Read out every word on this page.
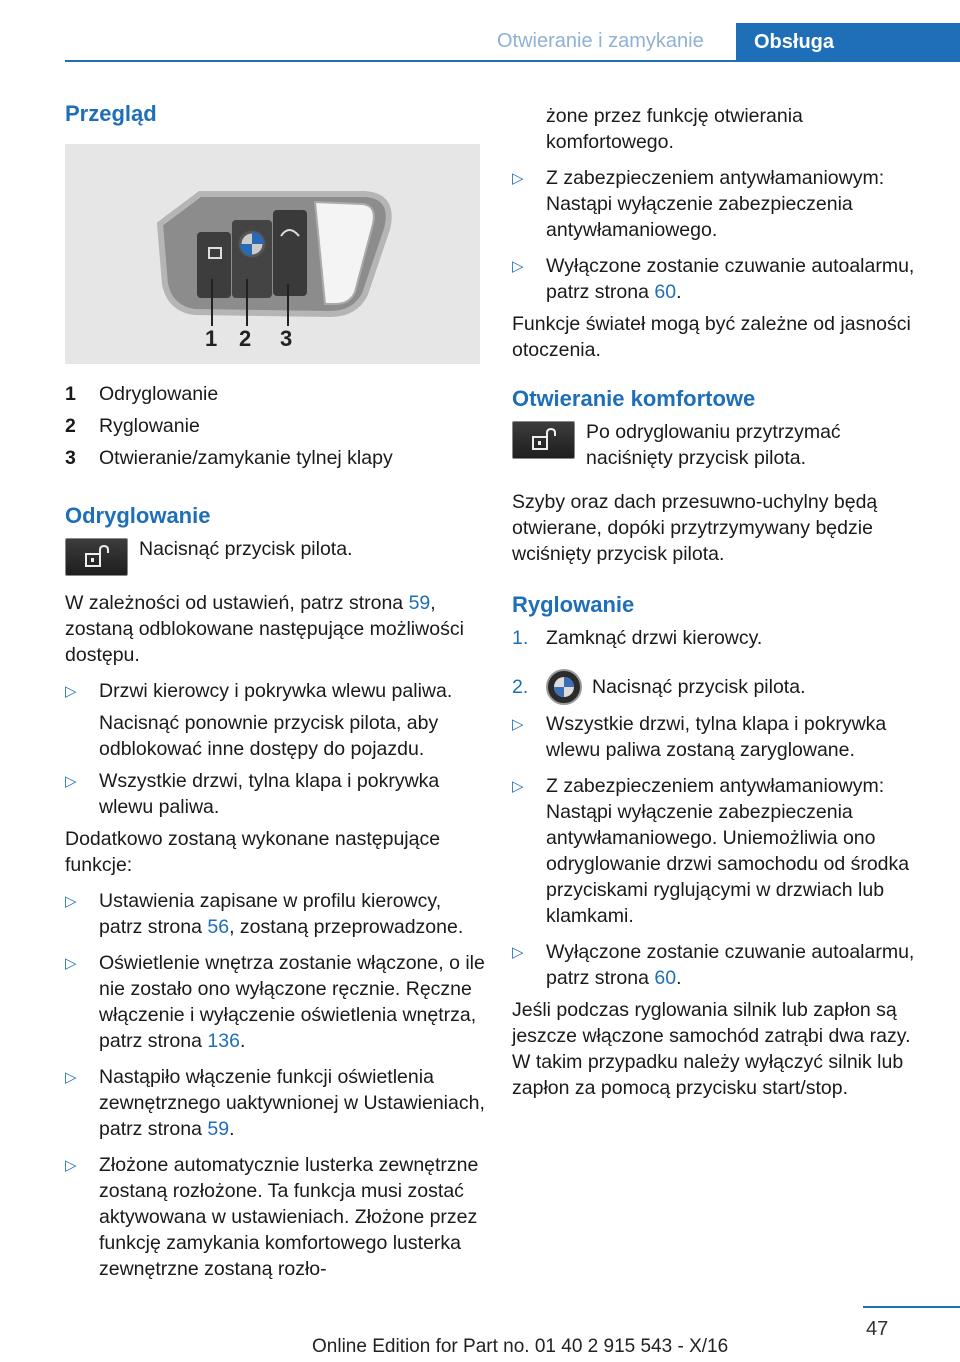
Otwieranie i zamykanie	Obsługa
Przegląd
1 2 3
1	Odryglowanie
2	Ryglowanie
3	Otwieranie/zamykanie tylnej klapy
Odryglowanie

Nacisnąć przycisk pilota.

W zależności od ustawień, patrz strona 59, zostaną odblokowane następujące możliwości dostępu.

▷	Drzwi kierowcy i pokrywka wlewu paliwa.

Nacisnąć ponownie przycisk pilota, aby odblokować inne dostępy do pojazdu.

▷	Wszystkie drzwi, tylna klapa i pokrywka wlewu paliwa.

Dodatkowo zostaną wykonane następujące funkcje:

▷	Ustawienia zapisane w profilu kierowcy, patrz strona 56, zostaną przeprowadzone.
▷	Oświetlenie wnętrza zostanie włączone, o ile nie zostało ono wyłączone ręcznie. Ręczne włączenie i wyłączenie oświetlenia wnętrza, patrz strona 136.
▷	Nastąpiło włączenie funkcji oświetlenia zewnętrznego uaktywnionej w Ustawieniach, patrz strona 59.
▷	Złożone automatycznie lusterka zewnętrzne zostaną rozłożone. Ta funkcja musi zostać aktywowana w ustawieniach. Złożone przez funkcję zamykania komfortowego lusterka zewnętrzne zostaną rozło-

żone przez funkcję otwierania komfortowego.

▷	Z zabezpieczeniem antywłamaniowym: Nastąpi wyłączenie zabezpieczenia antywłamaniowego.
▷	Wyłączone zostanie czuwanie autoalarmu, patrz strona 60.

Funkcje świateł mogą być zależne od jasności otoczenia.

Otwieranie komfortowe

Po odryglowaniu przytrzymać naciśnięty przycisk pilota.

Szyby oraz dach przesuwno-uchylny będą otwierane, dopóki przytrzymywany będzie wciśnięty przycisk pilota.

Ryglowanie
1. Zamknąć drzwi kierowcy.
2.	Nacisnąć przycisk pilota.
▷	Wszystkie drzwi, tylna klapa i pokrywka wlewu paliwa zostaną zaryglowane.
▷	Z zabezpieczeniem antywłamaniowym: Nastąpi wyłączenie zabezpieczenia antywłamaniowego. Uniemożliwia ono odryglowanie drzwi samochodu od środka przyciskami ryglującymi w drzwiach lub klamkami.
▷	Wyłączone zostanie czuwanie autoalarmu, patrz strona 60.

Jeśli podczas ryglowania silnik lub zapłon są jeszcze włączone samochód zatrąbi dwa razy. W takim przypadku należy wyłączyć silnik lub zapłon za pomocą przycisku start/stop.

47
Online Edition for Part no. 01 40 2 915 543 - X/16
